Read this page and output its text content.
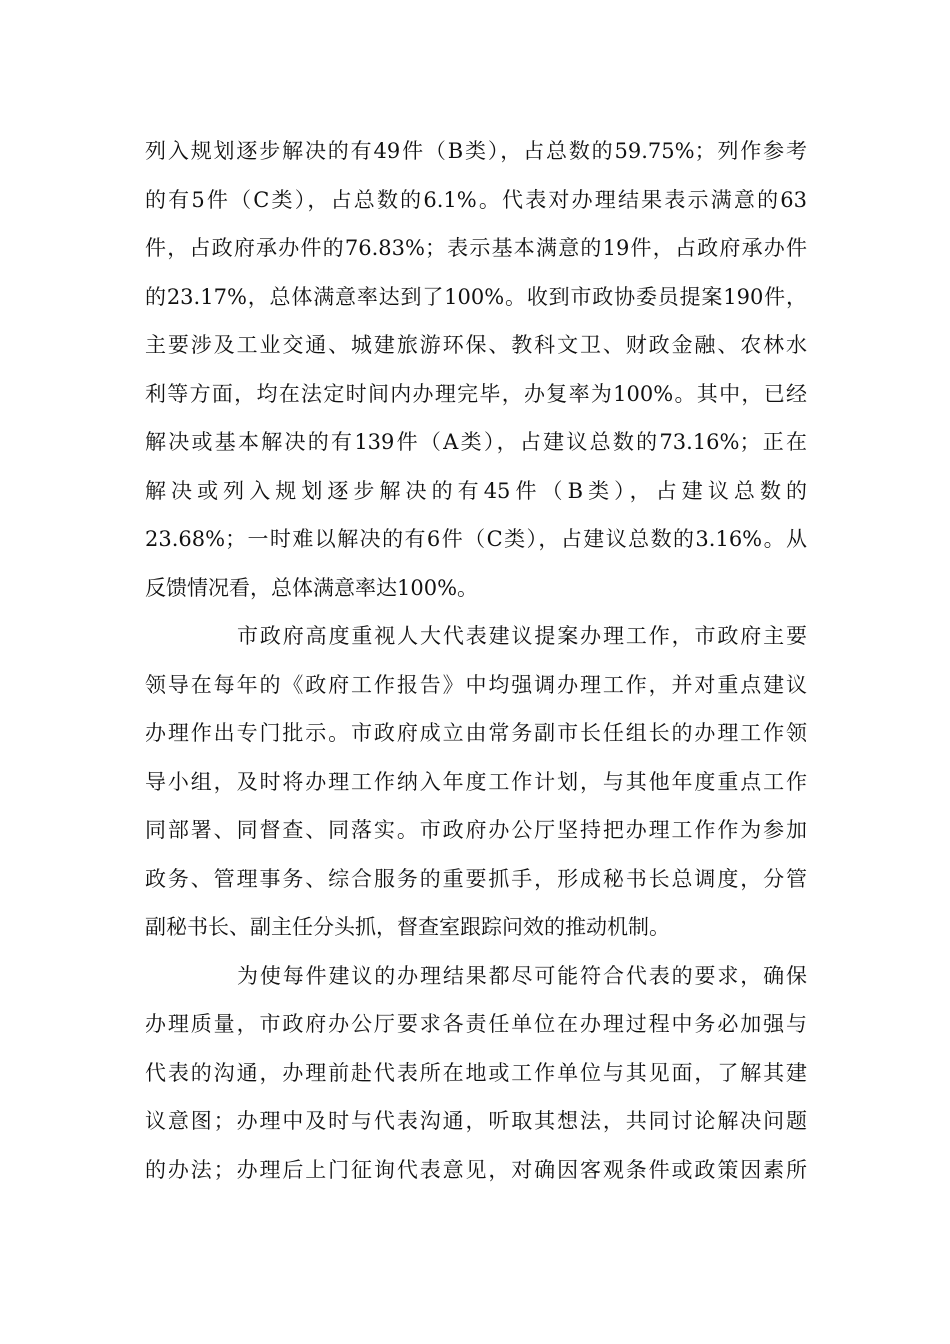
列入规划逐步解决的有49件（B类），占总数的59.75%；列作参考
的有5件（C类），占总数的6.1%。代表对办理结果表示满意的63
件，占政府承办件的76.83%；表示基本满意的19件，占政府承办件
的23.17%，总体满意率达到了100%。收到市政协委员提案190件，
主要涉及工业交通、城建旅游环保、教科文卫、财政金融、农林水
利等方面，均在法定时间内办理完毕，办复率为100%。其中，已经
解决或基本解决的有139件（A类），占建议总数的73.16%；正在
解决或列入规划逐步解决的有45件（B类），占建议总数的
23.68%；一时难以解决的有6件（C类），占建议总数的3.16%。从
反馈情况看，总体满意率达100%。
市政府高度重视人大代表建议提案办理工作，市政府主要
领导在每年的《政府工作报告》中均强调办理工作，并对重点建议
办理作出专门批示。市政府成立由常务副市长任组长的办理工作领
导小组，及时将办理工作纳入年度工作计划，与其他年度重点工作
同部署、同督查、同落实。市政府办公厅坚持把办理工作作为参加
政务、管理事务、综合服务的重要抓手，形成秘书长总调度，分管
副秘书长、副主任分头抓，督查室跟踪问效的推动机制。
为使每件建议的办理结果都尽可能符合代表的要求，确保
办理质量，市政府办公厅要求各责任单位在办理过程中务必加强与
代表的沟通，办理前赴代表所在地或工作单位与其见面，了解其建
议意图；办理中及时与代表沟通，听取其想法，共同讨论解决问题
的办法；办理后上门征询代表意见，对确因客观条件或政策因素所
